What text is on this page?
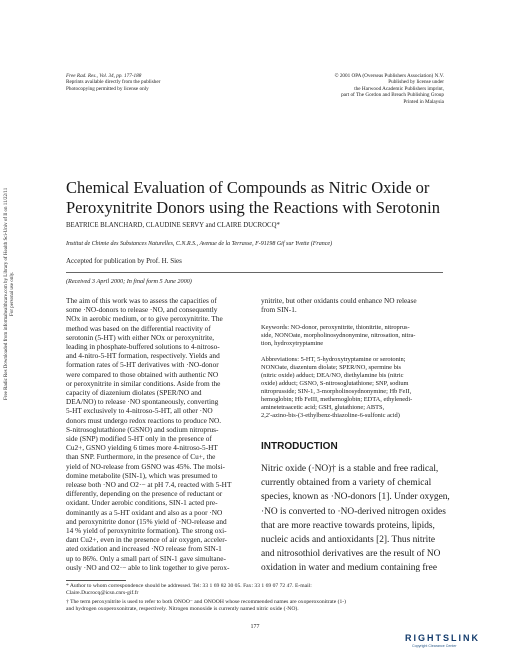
Free Rad. Res., Vol. 34, pp. 177-188
Reprints available directly from the publisher
Photocopying permitted by license only
© 2001 OPA (Overseas Publishers Association) N.V.
Published by license under
the Harwood Academic Publishers imprint,
part of The Gordon and Breach Publishing Group
Printed in Malaysia
Free Radic Res Downloaded from informahealthcare.com by Library of Health Sci-Univ of Il on 11/22/11 For personal use only.
Chemical Evaluation of Compounds as Nitric Oxide or
Peroxynitrite Donors using the Reactions with Serotonin
BEATRICE BLANCHARD, CLAUDINE SERVY and CLAIRE DUCROCQ*
Institut de Chimie des Substances Naturelles, C.N.R.S., Avenue de la Terrasse, F-91198 Gif sur Yvette (France)
Accepted for publication by Prof. H. Sies
(Received 3 April 2000; In final form 5 June 2000)
The aim of this work was to assess the capacities of
some ·NO-donors to release ·NO, and consequently
NOx in aerobic medium, or to give peroxynitrite. The
method was based on the differential reactivity of
serotonin (5-HT) with either NOx or peroxynitrite,
leading in phosphate-buffered solutions to 4-nitroso-
and 4-nitro-5-HT formation, respectively. Yields and
formation rates of 5-HT derivatives with ·NO-donor
were compared to those obtained with authentic NO
or peroxynitrite in similar conditions. Aside from the
capacity of diazenium diolates (SPER/NO and
DEA/NO) to release ·NO spontaneously, converting
5-HT exclusively to 4-nitroso-5-HT, all other ·NO
donors must undergo redox reactions to produce NO.
S-nitrosoglutathione (GSNO) and sodium nitroprus-
side (SNP) modified 5-HT only in the presence of
Cu2+, GSNO yielding 6 times more 4-nitroso-5-HT
than SNP. Furthermore, in the presence of Cu+, the
yield of NO-release from GSNO was 45%. The molsi-
domine metabolite (SIN-1), which was presumed to
release both ·NO and O2·− at pH 7.4, reacted with 5-HT
differently, depending on the presence of reductant or
oxidant. Under aerobic conditions, SIN-1 acted pre-
dominantly as a 5-HT oxidant and also as a poor ·NO
and peroxynitrite donor (15% yield of ·NO-release and
14 % yield of peroxynitrite formation). The strong oxi-
dant Cu2+, even in the presence of air oxygen, acceler-
ated oxidation and increased ·NO release from SIN-1
up to 86%. Only a small part of SIN-1 gave simultane-
ously ·NO and O2·− able to link together to give perox-
ynitrite, but other oxidants could enhance NO release
from SIN-1.
Keywords: NO-donor, peroxynitrite, thionitrite, nitroprus-
side, NONOate, morpholinosydnonymine, nitrosation, nitra-
tion, hydroxytryptamine
Abbreviations: 5-HT, 5-hydroxytryptamine or serotonin;
NONOate, diazenium diolate; SPER/NO, spermine bis
(nitric oxide) adduct; DEA/NO, diethylamine bis (nitric
oxide) adduct; GSNO, S-nitrosoglutathione; SNP, sodium
nitroprusside; SIN-1, 3-morpholinosydnonymine; Hb FeII,
hemoglobin; Hb FeIII, methemoglobin; EDTA, ethylenedi-
aminetetraacetic acid; GSH, glutathione; ABTS,
2,2'-azino-bis-(3-ethylbenz-thiazoline-6-sulfonic acid)
INTRODUCTION
Nitric oxide (·NO)† is a stable and free radical,
currently obtained from a variety of chemical
species, known as ·NO-donors [1]. Under oxygen,
·NO is converted to ·NO-derived nitrogen oxides
that are more reactive towards proteins, lipids,
nucleic acids and antioxidants [2]. Thus nitrite
and nitrosothiol derivatives are the result of NO
oxidation in water and medium containing free
* Author to whom correspondence should be addressed. Tel: 33 1 69 82 30 05. Fax: 33 1 69 07 72 47. E-mail:
Claire.Ducrocq@icsn.cnrs-gif.fr
† The term peroxynitrite is used to refer to both ONOO⁻ and ONOOH whose recommended names are oxoperoxonitrate (1-)
and hydrogen oxoperoxonitrate, respectively. Nitrogen monoxide is currently named nitric oxide (·NO).
177
RIGHTSLINK
Copyright Clearance Center
